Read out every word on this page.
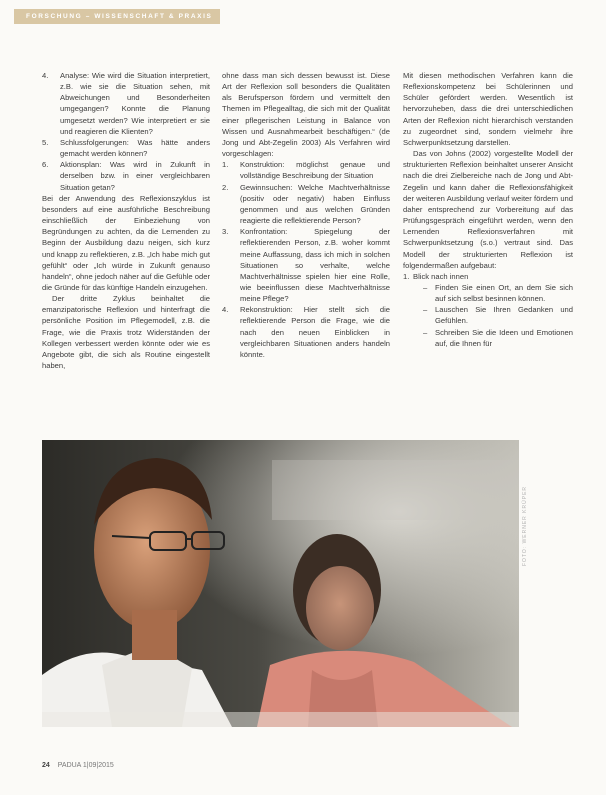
FORSCHUNG – WISSENSCHAFT & PRAXIS
4. Analyse: Wie wird die Situation interpretiert, z.B. wie sie die Situation sehen, mit Abweichungen und Besonderheiten umgegangen? Konnte die Planung umgesetzt werden? Wie interpretiert er sie und reagieren die Klienten?
5. Schlussfolgerungen: Was hätte anders gemacht werden können?
6. Aktionsplan: Was wird in Zukunft in derselben bzw. in einer vergleichbaren Situation getan?

Bei der Anwendung des Reflexionszyklus ist besonders auf eine ausführliche Beschreibung einschließlich der Einbeziehung von Begründungen zu achten, da die Lernenden zu Beginn der Ausbildung dazu neigen, sich kurz und knapp zu reflektieren, z.B. „Ich habe mich gut gefühlt“ oder „Ich würde in Zukunft genauso handeln“, ohne jedoch näher auf die Gefühle oder die Gründe für das künftige Handeln einzugehen.

Der dritte Zyklus beinhaltet die emanzipatorische Reflexion und hinterfragt die persönliche Position im Pflegemodell, z.B. die Frage, wie die Praxis trotz Widerständen der Kollegen verbessert werden könnte oder wie es Angebote gibt, die sich als Routine eingestellt haben,

ohne dass man sich dessen bewusst ist. Diese Art der Reflexion soll besonders die Qualitäten als Berufsperson fördern und vermittelt den Themen im Pflegealltag, die sich mit der Qualität einer pflegerischen Leistung in Balance von Wissen und Ausnahmearbeit beschäftigen.“ (de Jong und Abt-Zegelin 2003) Als Verfahren wird vorgeschlagen:

1. Konstruktion: möglichst genaue und vollständige Beschreibung der Situation
2. Gewinnsuchen: Welche Machtverhältnisse (positiv oder negativ) haben Einfluss genommen und aus welchen Gründen reagierte die reflektierende Person?
3. Konfrontation: Spiegelung der reflektierenden Person, z.B. woher kommt meine Auffassung, dass ich mich in solchen Situationen so verhalte, welche Machtverhältnisse spielen hier eine Rolle, wie beeinflussen diese Machtverhältnisse meine Pflege?
4. Rekonstruktion: Hier stellt sich die reflektierende Person die Frage, wie die nach den neuen Einblicken in vergleichbaren Situationen anders handeln könnte.

Mit diesen methodischen Verfahren kann die Reflexionskompetenz bei Schülerinnen und Schüler gefördert werden. Wesentlich ist hervorzuheben, dass die drei unterschiedlichen Arten der Reflexion nicht hierarchisch verstanden zu zugeordnet sind, sondern vielmehr ihre Schwerpunktsetzung darstellen.

Das von Johns (2002) vorgestellte Modell der strukturierten Reflexion beinhaltet unserer Ansicht nach die drei Zielbereiche nach de Jong und Abt-Zegelin und kann daher die Reflexionsfähigkeit der weiteren Ausbildung verlauf weiter fördern und daher entsprechend zur Vorbereitung auf das Prüfungsgespräch eingeführt werden, wenn den Lernenden Reflexionsverfahren mit Schwerpunktsetzung (s.o.) vertraut sind. Das Modell der strukturierten Reflexion ist folgendermaßen aufgebaut:

1. Blick nach innen
– Finden Sie einen Ort, an dem Sie sich auf sich selbst besinnen können.
– Lauschen Sie Ihren Gedanken und Gefühlen.
– Schreiben Sie die Ideen und Emotionen auf, die Ihnen für
FOTO: WERNER KRÜPER
24 PADUA 1|09|2015
